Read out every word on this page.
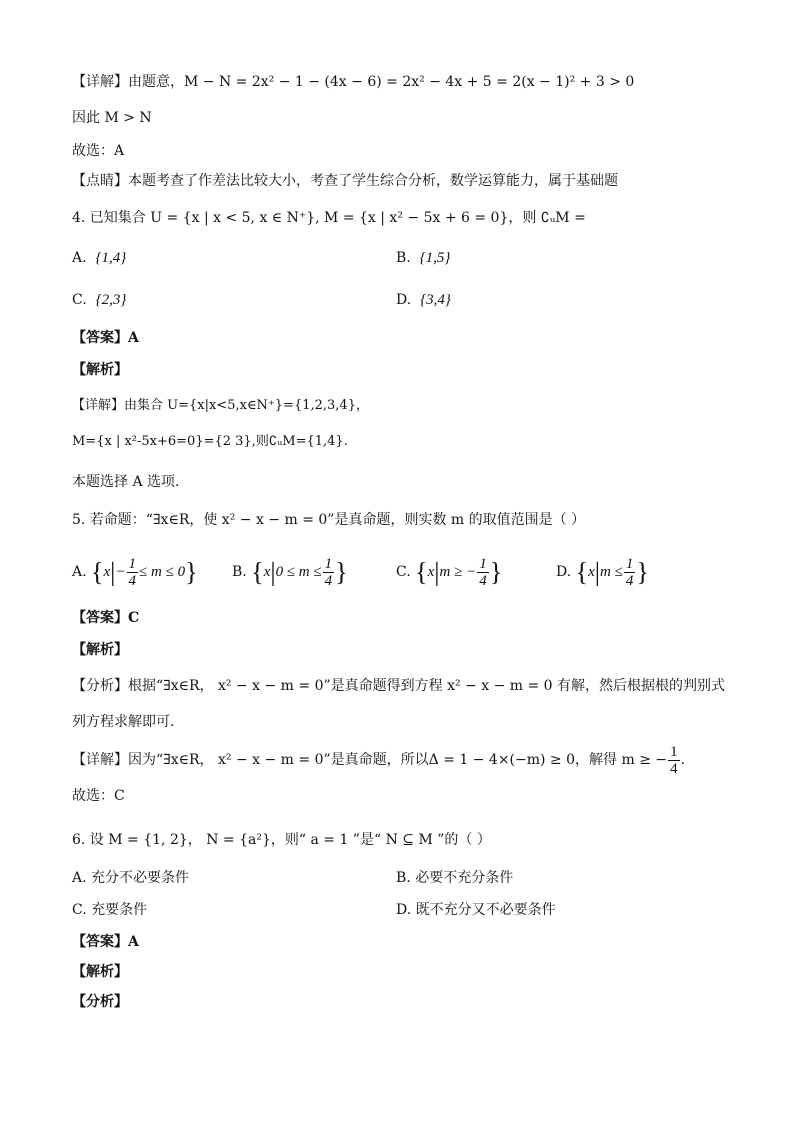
【详解】由题意，M − N = 2x² − 1 − (4x − 6) = 2x² − 4x + 5 = 2(x − 1)² + 3 > 0
因此 M > N
故选：A
【点睛】本题考查了作差法比较大小，考查了学生综合分析，数学运算能力，属于基础题
4. 已知集合 U = {x | x < 5, x ∈ N⁺}, M = {x | x² − 5x + 6 = 0}，则 ∁ᵤM =
A. {1,4}	B. {1,5}
C. {2,3}	D. {3,4}
【答案】A
【解析】
【详解】由集合 U={x|x<5,x∈N⁺}={1,2,3,4}，
M={x | x²-5x+6=0}={2 3},则∁ᵤM={1,4}.
本题选择 A 选项.
5. 若命题：“∃x∈R，使 x² − x − m = 0”是真命题，则实数 m 的取值范围是（ ）
A. $\{x|- \frac{1}{4} \le m \le 0\}$ B. {$x|0 \le m \le \frac{1}{4}$ }	C. {x|m ≥ − $\frac{1}{4}$ }	D. {$x|m \le \frac{1}{4}$ }
【答案】C
【解析】
【分析】根据“∃x∈R， x² − x − m = 0”是真命题得到方程 x² − x − m = 0 有解，然后根据根的判别式
列方程求解即可.
【详解】因为“∃x∈R， x² − x − m = 0”是真命题，所以Δ = 1 − 4×(−m) ≥ 0，解得 m ≥ − $\frac{1}{4}$ .
故选：C
6. 设 M = {1, 2}， N = {a²}，则“ a = 1 ”是“ N ⊆ M ”的（ ）
A. 充分不必要条件	B. 必要不充分条件
C. 充要条件	D. 既不充分又不必要条件
【答案】A
【解析】
【分析】
